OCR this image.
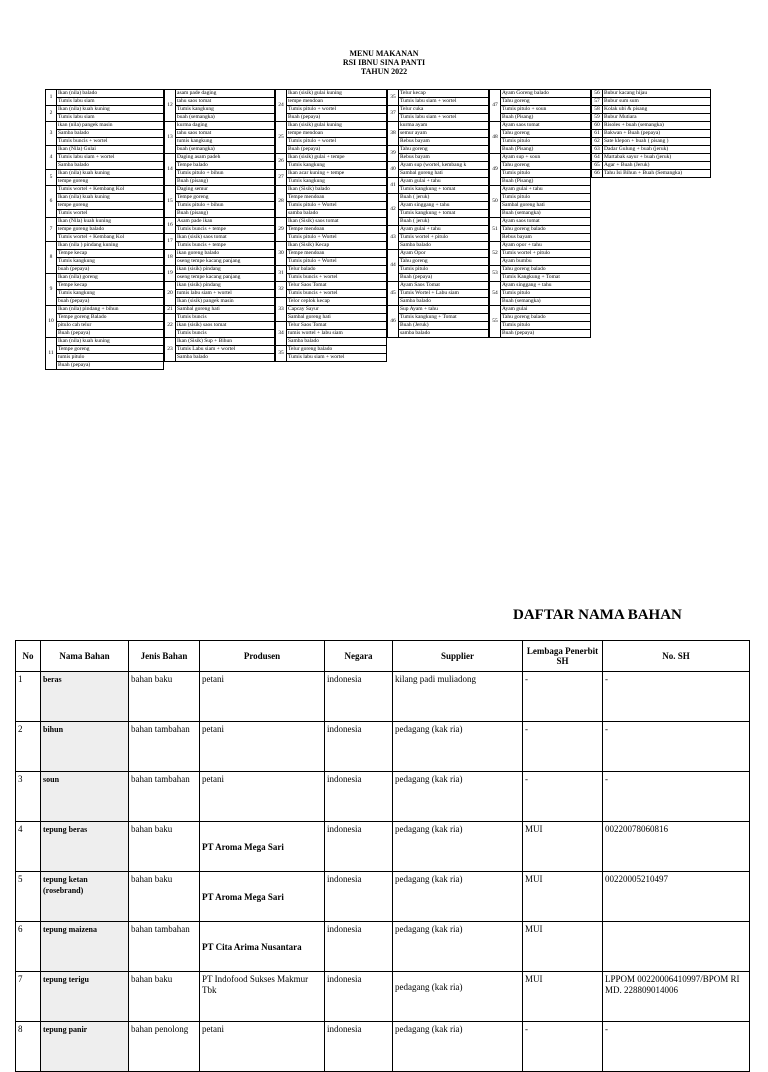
MENU MAKANAN
RSI IBNU SINA PANTI
TAHUN 2022
1	Ikan (nila) balado
	Tumis labu siam
2	Ikan (nila) kuah kuning
	Tumis labu siam
3	ikan (nila) pangek masin
	Samba balado
	Tumis buncis + wortel
4	Ikan (Nila) Gulai
	Tumis labu siam + wortel
	Samba balado
5	Ikan (nila) kuah kuning
	tempe goreng
6	Tumis wortel + Kembang Kol
	Ikan (nila) kuah kuning
	tempe goreng
	Tumis wortel
7	Ikan (Nila) kuah kuning
	tempe goreng balado
	Tumis wortel + Kembang Kol
8	Ikan (nila ) pindang kuning
	Tempe kecap
	Tumis kangkung
	buah (pepaya)
9	Ikan (nila) goreng
	Tempe kecap
	Tumis kangkung
	buah (pepaya)
10	Ikan (nila) pindang + bihun
	Tempe goreng Balado
	pitulo cah telur
	Buah (pepaya)
11	Ikan (nila) kuah kuning
	Tempe goreng
	tumis pitulo
	Buah (pepaya)
12	asam pade daging
	tahu saos tomat
	Tumis kangkung
	buah (semangka)
13	kurma daging
	tahu saos tomat
	tumis kangkung
	buah (semangka)
14	Daging asam padeh
	Tempe balado
	Tumis pitulo + bihun
	Buah (pisang)
15	Daging semur
	Tempe goreng
	Tumis pitulo + bihun
	Buah (pisang)
16	Asam pade ikan
	Tumis buncis + tempe
17	Ikan (sisik) saos tomat
	Tumis buncis + tempe
18	ikan goreng balado
	oseng tempe kacang panjang
19	ikan (sisik) pindang
	oseng tempe kacang panjang
20	ikan (sisik) pindang
	tumis labu siam + wortel
	Ikan (sisik) pangek masin
21	Sambal goreng hati
22	Tumis buncis
	ikan (sisik) saos tomat
	Tumis buncis
23	Ikan (Sisik) Sup + Bihun
	Tumis Labu siam + wortel
	Samba balado
24	Ikan (sisik) gulai kuning
	tempe mendoan
	Tumis pitulo + wortel
	Buah (pepaya)
25	Ikan (sisik) gulai kuning
	tempe mendoan
	Tumis pitulo + wortel
	Buah (pepaya)
26	Ikan (sisik) gulai + tempe
	Tumis kangkung
27	Ikan acar kuning + tempe
	Tumis kangkung
28	Ikan (Sisik) balado
	Tempe mendoan
	Tumis pitulo + Wortel
	samba balado
29	Ikan (Sisik) saos tomat
	Tempe mendoan
	Tumis pitulo + Wortel
30	Ikan (Sisik) Kecap
	Tempe mendoan
	Tumis pitulo + Wortel
31	Telur balado
	Tumis buncis + wortel
32	Telur Saos Tomat
	Tumis buncis + wortel
33	Telor ceplok kecap
	Capcay Sayur
	Sambal goreng hati
34	Telur Saos Tomat
	tumis wortel + labu siam
	Samba balado
35	Telur goreng balado
	Tumis labu siam + wortel
35	Telur kecap
	Tumis labu siam + wortel
37	Telur cuka
	Tumis labu siam + wortel
38	kurma ayam
	semur ayam
	Rebus bayam
39	Tahu goreng
	Rebus bayam
40	Ayam sup (wortel, kembang k
	Sambal goreng hati
41	Ayam gulai + tahu
	Tumis kangkung + tomat
42	Buah ( jeruk)
	Ayam singgang + tahu
	Tumis kangkung + tomat
	Buah ( jeruk)
43	Ayam gulai + tahu
	Tumis wortel + pitulo
	Samba balado
44	Ayam Opor
	Tahu goreng
	Tumis pitulo
	Buah (pepaya)
45	Ayam Saos Tomat
	Tumis Wortel + Labu siam
	Samba balado
46	Sup Ayam + tahu
	Tumis kangkung + Tomat
	Buah (Jeruk)
	samba balado
47	Ayam Goreng balado
	Tahu goreng
	Tumis pitulo + soun
	Buah (Pisang)
48	Ayam saos tomat
	Tahu goreng
	Tumis pitulo
	Buah (Pisang)
49	Ayam sup + soun
	Tahu goreng
	Tumis pitulo
	Buah (Pisang)
50	Ayam gulai + tahu
	Tumis pitulo
	Sambal goreng hati
	Buah (semangka)
51	Ayam saos tomat
	Tahu goreng balado
	Rebus bayam
52	Ayam opor + tahu
	Tumis wortel + pitulo
	Ayam bumbu
53	Tahu goreng balado
	Tumis Kangkung + Tomat
54	Ayam singgang + tahu
	Tumis pitulo
	Buah (semangka)
55	Ayam gulai
	Tahu goreng balado
	Tumis pitulo
	Buah (pepaya)
56	Bubur kacang hijau
57	Bubur sum sum
58	Kolak ubi & pisang
59	Bubur Mutiara
60	Risoles + buah (semangka)
61	Bakwan + Buah (pepaya)
62	Sate klepon + buah ( pisang )
63	Dadar Gulung + buah (jeruk)
64	Martabak sayur + buah (jeruk)
65	Agar + Buah (Jeruk)
66	Tahu Isi Bihun + Buah (Semangka)
DAFTAR NAMA BAHAN
No	Nama Bahan	Jenis Bahan	Produsen	Negara	Supplier	Lembaga Penerbit SH	No. SH
1	beras	bahan baku	petani	indonesia	kilang padi muliadong	-	-
2	bihun	bahan tambahan	petani	indonesia	pedagang (kak ria)	-	-
3	soun	bahan tambahan	petani	indonesia	pedagang (kak ria)	-	-
4	tepung beras	bahan baku	PT Aroma Mega Sari	indonesia	pedagang (kak ria)	MUI	00220078060816
5	tepung ketan (rosebrand)	bahan baku	PT Aroma Mega Sari	indonesia	pedagang (kak ria)	MUI	00220005210497
6	tepung maizena	bahan tambahan	PT Cita Arima Nusantara	indonesia	pedagang (kak ria)	MUI	
7	tepung terigu	bahan baku	PT Indofood Sukses Makmur Tbk	indonesia	pedagang (kak ria)	MUI	LPPOM 00220006410997/BPOM RI MD. 228809014006
8	tepung panir	bahan penolong	petani	indonesia	pedagang (kak ria)	-	-
